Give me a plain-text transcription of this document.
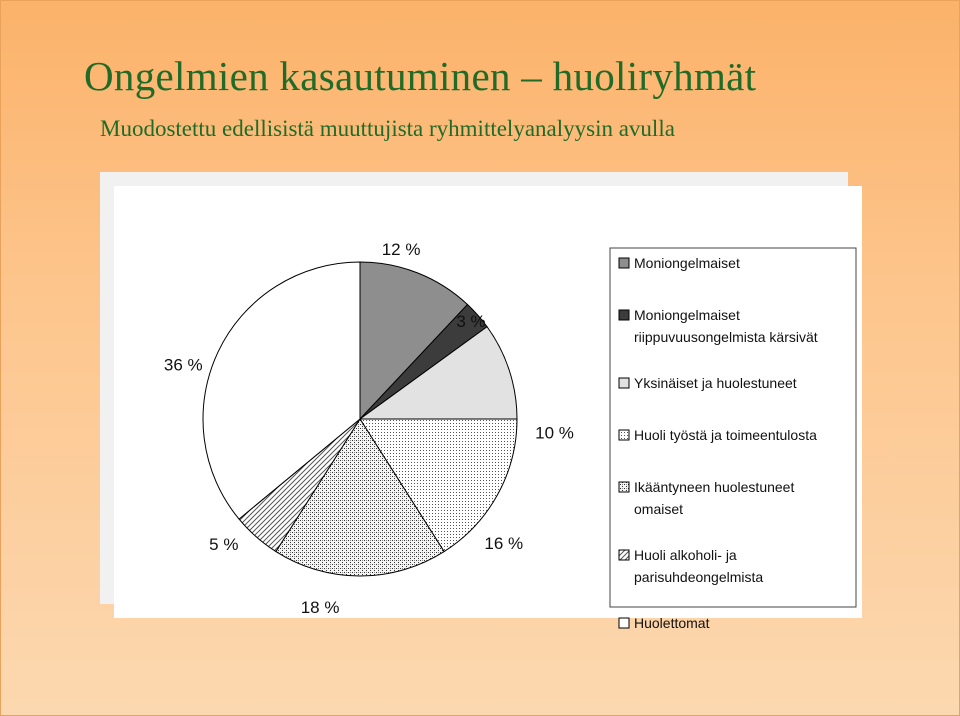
Ongelmien kasautuminen – huoliryhmät
Muodostettu edellisistä muuttujista ryhmittelyanalyysin avulla
12 %
3 %
10 %
16 %
18 %
5 %
36 %
Moniongelmaiset
Moniongelmaiset
riippuvuusongelmista kärsivät
Yksinäiset ja huolestuneet
Huoli työstä ja toimeentulosta
Ikääntyneen huolestuneet
omaiset
Huoli alkoholi- ja
parisuhdeongelmista
Huolettomat
